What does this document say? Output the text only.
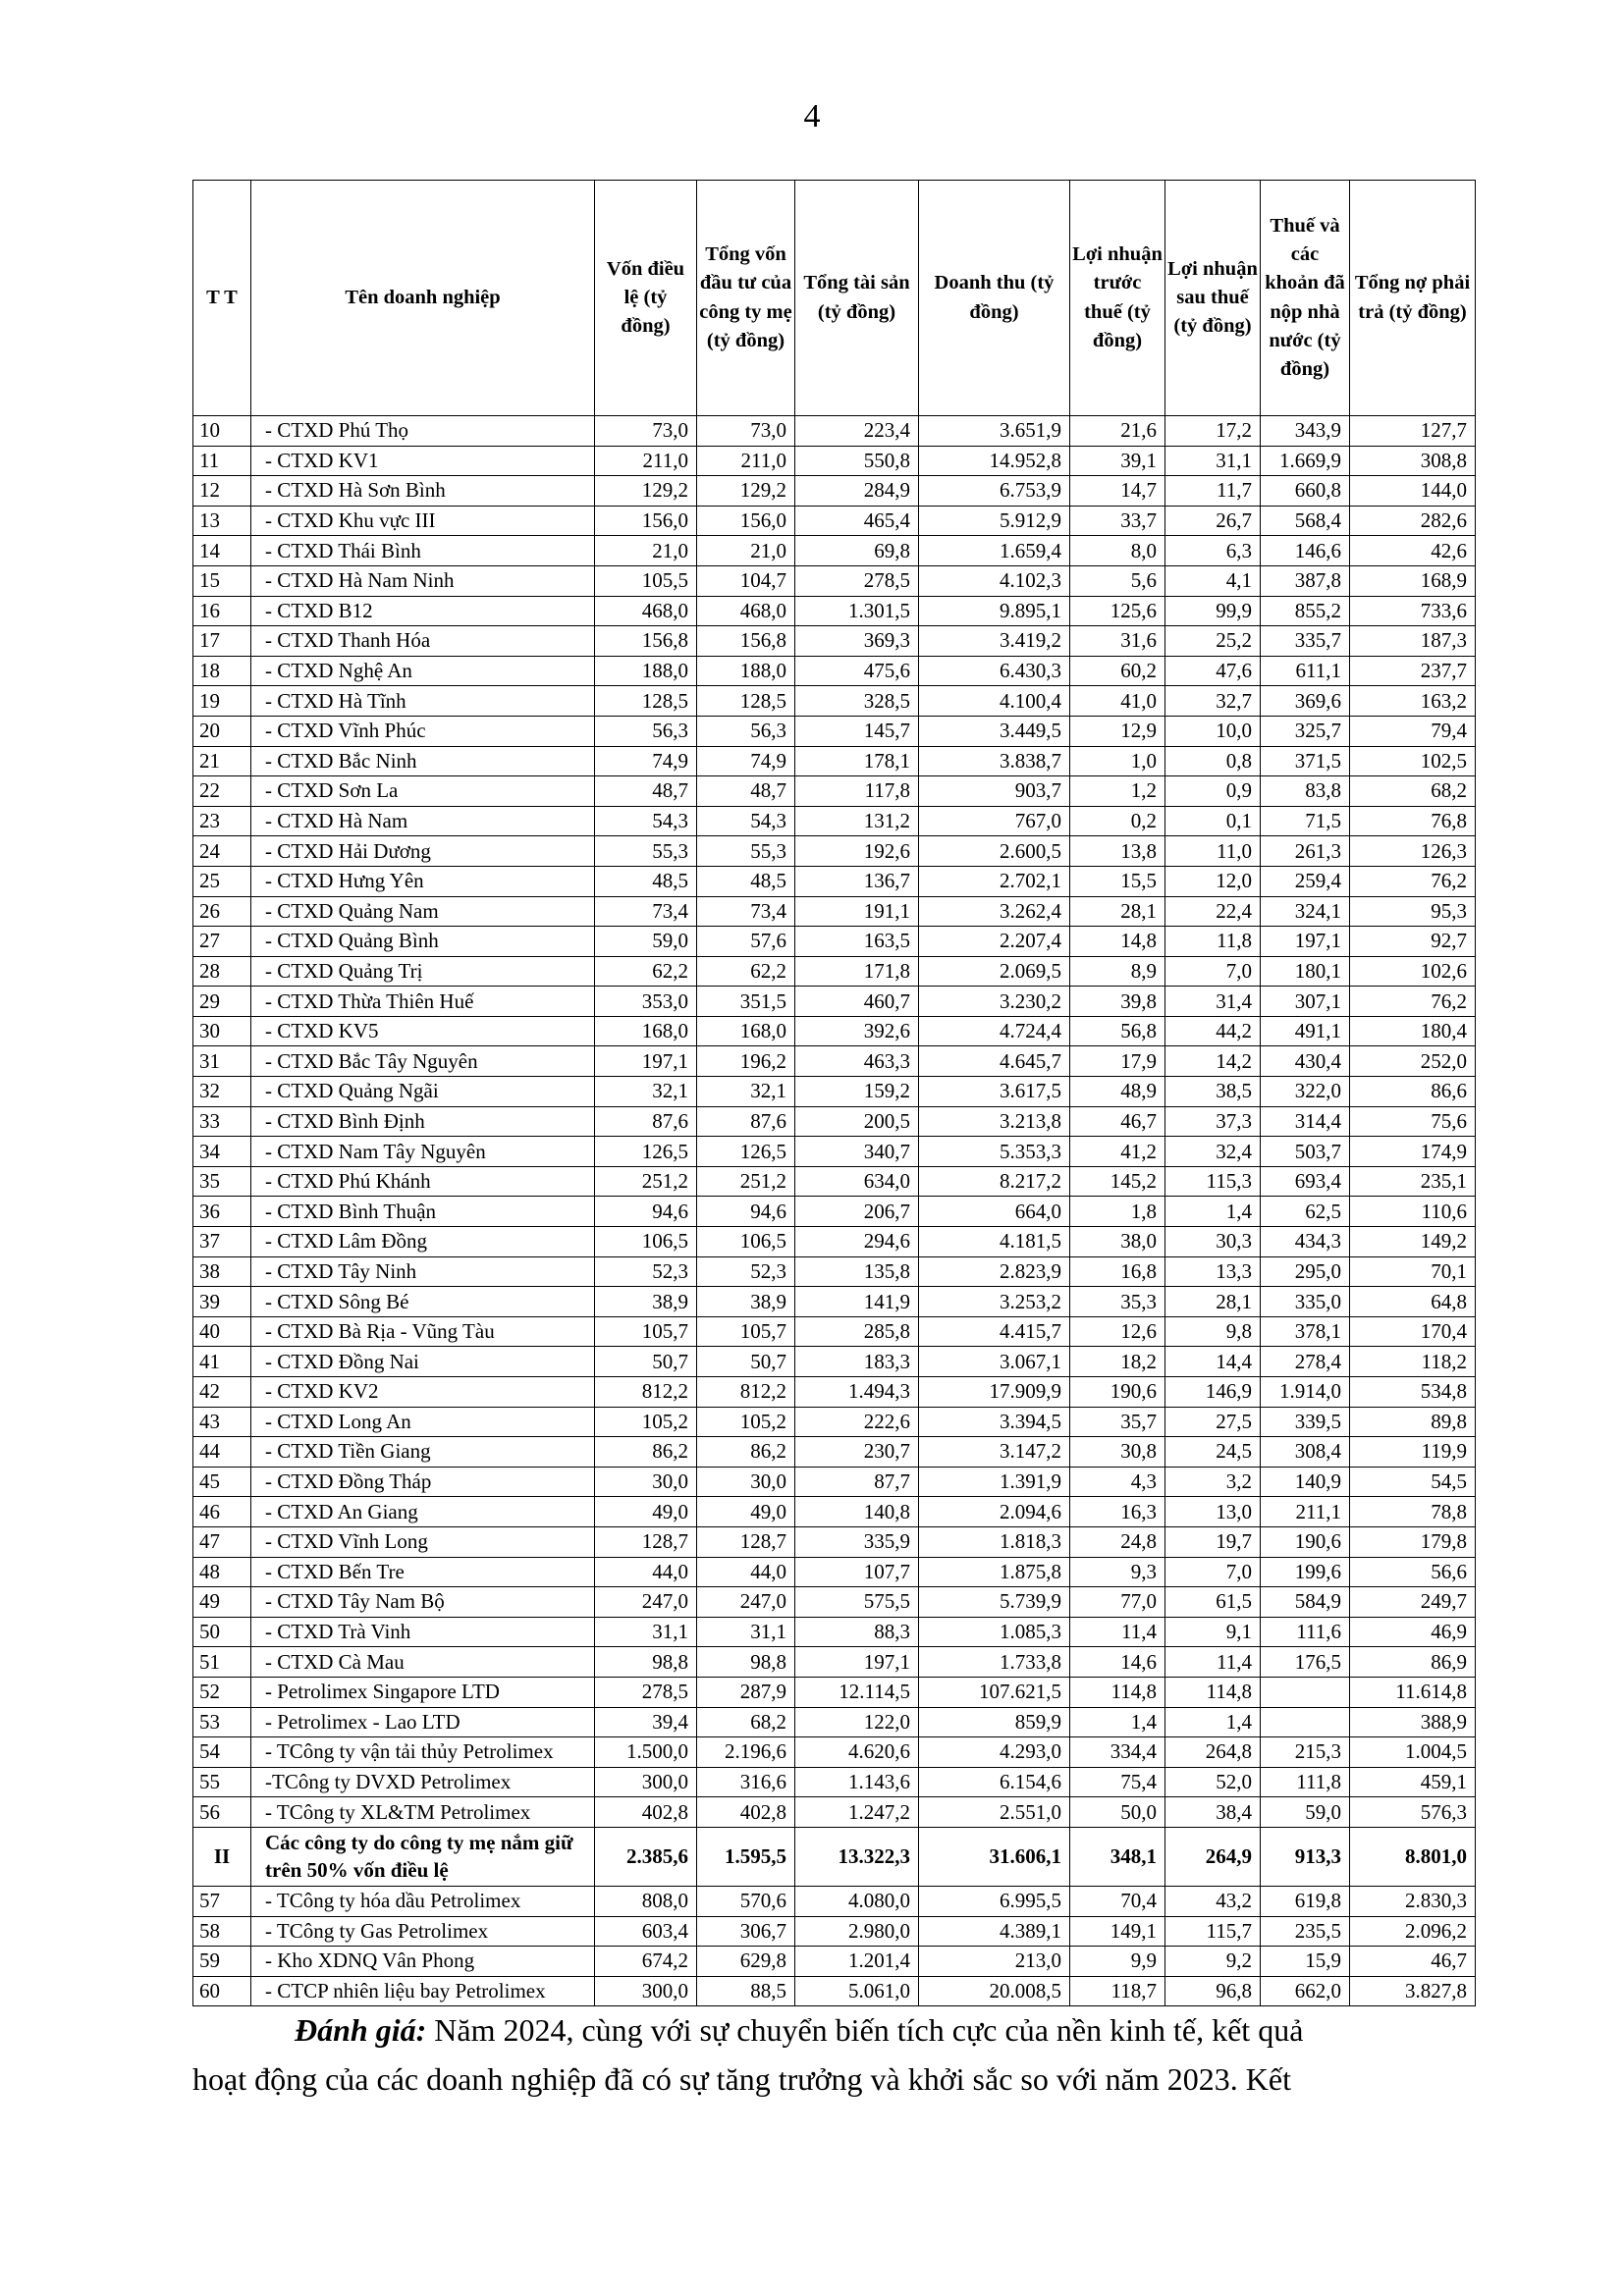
4
T T	Tên doanh nghiệp	Vốn điều lệ (tỷ đồng)	Tổng vốn đầu tư của công ty mẹ (tỷ đồng)	Tổng tài sản (tỷ đồng)	Doanh thu (tỷ đồng)	Lợi nhuận trước thuế (tỷ đồng)	Lợi nhuận sau thuế (tỷ đồng)	Thuế và các khoản đã nộp nhà nước (tỷ đồng)	Tổng nợ phải trả (tỷ đồng)
10	- CTXD Phú Thọ	73,0	73,0	223,4	3.651,9	21,6	17,2	343,9	127,7
11	- CTXD KV1	211,0	211,0	550,8	14.952,8	39,1	31,1	1.669,9	308,8
12	- CTXD Hà Sơn Bình	129,2	129,2	284,9	6.753,9	14,7	11,7	660,8	144,0
13	- CTXD Khu vực III	156,0	156,0	465,4	5.912,9	33,7	26,7	568,4	282,6
14	- CTXD Thái Bình	21,0	21,0	69,8	1.659,4	8,0	6,3	146,6	42,6
15	- CTXD Hà Nam Ninh	105,5	104,7	278,5	4.102,3	5,6	4,1	387,8	168,9
16	- CTXD B12	468,0	468,0	1.301,5	9.895,1	125,6	99,9	855,2	733,6
17	- CTXD Thanh Hóa	156,8	156,8	369,3	3.419,2	31,6	25,2	335,7	187,3
18	- CTXD Nghệ An	188,0	188,0	475,6	6.430,3	60,2	47,6	611,1	237,7
19	- CTXD Hà Tĩnh	128,5	128,5	328,5	4.100,4	41,0	32,7	369,6	163,2
20	- CTXD Vĩnh Phúc	56,3	56,3	145,7	3.449,5	12,9	10,0	325,7	79,4
21	- CTXD Bắc Ninh	74,9	74,9	178,1	3.838,7	1,0	0,8	371,5	102,5
22	- CTXD Sơn La	48,7	48,7	117,8	903,7	1,2	0,9	83,8	68,2
23	- CTXD Hà Nam	54,3	54,3	131,2	767,0	0,2	0,1	71,5	76,8
24	- CTXD Hải Dương	55,3	55,3	192,6	2.600,5	13,8	11,0	261,3	126,3
25	- CTXD Hưng Yên	48,5	48,5	136,7	2.702,1	15,5	12,0	259,4	76,2
26	- CTXD Quảng Nam	73,4	73,4	191,1	3.262,4	28,1	22,4	324,1	95,3
27	- CTXD Quảng Bình	59,0	57,6	163,5	2.207,4	14,8	11,8	197,1	92,7
28	- CTXD Quảng Trị	62,2	62,2	171,8	2.069,5	8,9	7,0	180,1	102,6
29	- CTXD Thừa Thiên Huế	353,0	351,5	460,7	3.230,2	39,8	31,4	307,1	76,2
30	- CTXD KV5	168,0	168,0	392,6	4.724,4	56,8	44,2	491,1	180,4
31	- CTXD Bắc Tây Nguyên	197,1	196,2	463,3	4.645,7	17,9	14,2	430,4	252,0
32	- CTXD Quảng Ngãi	32,1	32,1	159,2	3.617,5	48,9	38,5	322,0	86,6
33	- CTXD Bình Định	87,6	87,6	200,5	3.213,8	46,7	37,3	314,4	75,6
34	- CTXD Nam Tây Nguyên	126,5	126,5	340,7	5.353,3	41,2	32,4	503,7	174,9
35	- CTXD Phú Khánh	251,2	251,2	634,0	8.217,2	145,2	115,3	693,4	235,1
36	- CTXD Bình Thuận	94,6	94,6	206,7	664,0	1,8	1,4	62,5	110,6
37	- CTXD Lâm Đồng	106,5	106,5	294,6	4.181,5	38,0	30,3	434,3	149,2
38	- CTXD Tây Ninh	52,3	52,3	135,8	2.823,9	16,8	13,3	295,0	70,1
39	- CTXD Sông Bé	38,9	38,9	141,9	3.253,2	35,3	28,1	335,0	64,8
40	- CTXD Bà Rịa - Vũng Tàu	105,7	105,7	285,8	4.415,7	12,6	9,8	378,1	170,4
41	- CTXD Đồng Nai	50,7	50,7	183,3	3.067,1	18,2	14,4	278,4	118,2
42	- CTXD KV2	812,2	812,2	1.494,3	17.909,9	190,6	146,9	1.914,0	534,8
43	- CTXD Long An	105,2	105,2	222,6	3.394,5	35,7	27,5	339,5	89,8
44	- CTXD Tiền Giang	86,2	86,2	230,7	3.147,2	30,8	24,5	308,4	119,9
45	- CTXD Đồng Tháp	30,0	30,0	87,7	1.391,9	4,3	3,2	140,9	54,5
46	- CTXD An Giang	49,0	49,0	140,8	2.094,6	16,3	13,0	211,1	78,8
47	- CTXD Vĩnh Long	128,7	128,7	335,9	1.818,3	24,8	19,7	190,6	179,8
48	- CTXD Bến Tre	44,0	44,0	107,7	1.875,8	9,3	7,0	199,6	56,6
49	- CTXD Tây Nam Bộ	247,0	247,0	575,5	5.739,9	77,0	61,5	584,9	249,7
50	- CTXD Trà Vinh	31,1	31,1	88,3	1.085,3	11,4	9,1	111,6	46,9
51	- CTXD Cà Mau	98,8	98,8	197,1	1.733,8	14,6	11,4	176,5	86,9
52	- Petrolimex Singapore LTD	278,5	287,9	12.114,5	107.621,5	114,8	114,8		11.614,8
53	- Petrolimex - Lao LTD	39,4	68,2	122,0	859,9	1,4	1,4		388,9
54	- TCông ty vận tải thủy Petrolimex	1.500,0	2.196,6	4.620,6	4.293,0	334,4	264,8	215,3	1.004,5
55	-TCông ty DVXD Petrolimex	300,0	316,6	1.143,6	6.154,6	75,4	52,0	111,8	459,1
56	- TCông ty XL&TM Petrolimex	402,8	402,8	1.247,2	2.551,0	50,0	38,4	59,0	576,3
II	Các công ty do công ty mẹ nắm giữ trên 50% vốn điều lệ	2.385,6	1.595,5	13.322,3	31.606,1	348,1	264,9	913,3	8.801,0
57	- TCông ty hóa dầu Petrolimex	808,0	570,6	4.080,0	6.995,5	70,4	43,2	619,8	2.830,3
58	- TCông ty Gas Petrolimex	603,4	306,7	2.980,0	4.389,1	149,1	115,7	235,5	2.096,2
59	- Kho XDNQ Vân Phong	674,2	629,8	1.201,4	213,0	9,9	9,2	15,9	46,7
60	- CTCP nhiên liệu bay Petrolimex	300,0	88,5	5.061,0	20.008,5	118,7	96,8	662,0	3.827,8

Đánh giá: Năm 2024, cùng với sự chuyển biến tích cực của nền kinh tế, kết quả
hoạt động của các doanh nghiệp đã có sự tăng trưởng và khởi sắc so với năm 2023. Kết
